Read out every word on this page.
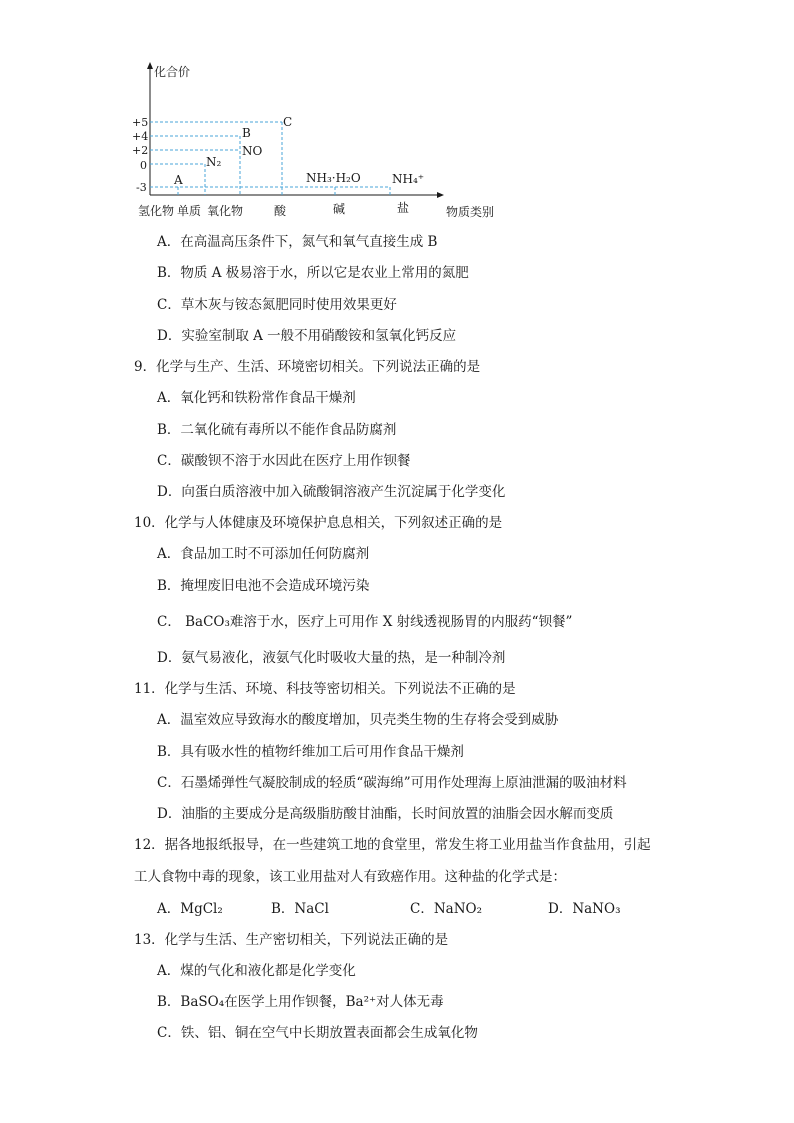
化合价
物质类别
+5
+4
+2
0
-3
A
N₂
B
NO
C
NH₃·H₂O	NH₄⁺
氢化物 单质 氧化物	酸	碱	盐
A．在高温高压条件下，氮气和氧气直接生成 B
B．物质 A 极易溶于水，所以它是农业上常用的氮肥
C．草木灰与铵态氮肥同时使用效果更好
D．实验室制取 A 一般不用硝酸铵和氢氧化钙反应
9．化学与生产、生活、环境密切相关。下列说法正确的是
A．氧化钙和铁粉常作食品干燥剂
B．二氧化硫有毒所以不能作食品防腐剂
C．碳酸钡不溶于水因此在医疗上用作钡餐
D．向蛋白质溶液中加入硫酸铜溶液产生沉淀属于化学变化
10．化学与人体健康及环境保护息息相关，下列叙述正确的是
A．食品加工时不可添加任何防腐剂
B．掩埋废旧电池不会造成环境污染
C． BaCO₃难溶于水，医疗上可用作 X 射线透视肠胃的内服药“钡餐”
D．氨气易液化，液氨气化时吸收大量的热，是一种制冷剂
11．化学与生活、环境、科技等密切相关。下列说法不正确的是
A．温室效应导致海水的酸度增加，贝壳类生物的生存将会受到威胁
B．具有吸水性的植物纤维加工后可用作食品干燥剂
C．石墨烯弹性气凝胶制成的轻质“碳海绵”可用作处理海上原油泄漏的吸油材料
D．油脂的主要成分是高级脂肪酸甘油酯，长时间放置的油脂会因水解而变质
12．据各地报纸报导，在一些建筑工地的食堂里，常发生将工业用盐当作食盐用，引起
工人食物中毒的现象，该工业用盐对人有致癌作用。这种盐的化学式是：
A．MgCl₂	B．NaCl	C．NaNO₂	D．NaNO₃
13．化学与生活、生产密切相关，下列说法正确的是
A．煤的气化和液化都是化学变化
B．BaSO₄在医学上用作钡餐，Ba²⁺对人体无毒
C．铁、铝、铜在空气中长期放置表面都会生成氧化物
